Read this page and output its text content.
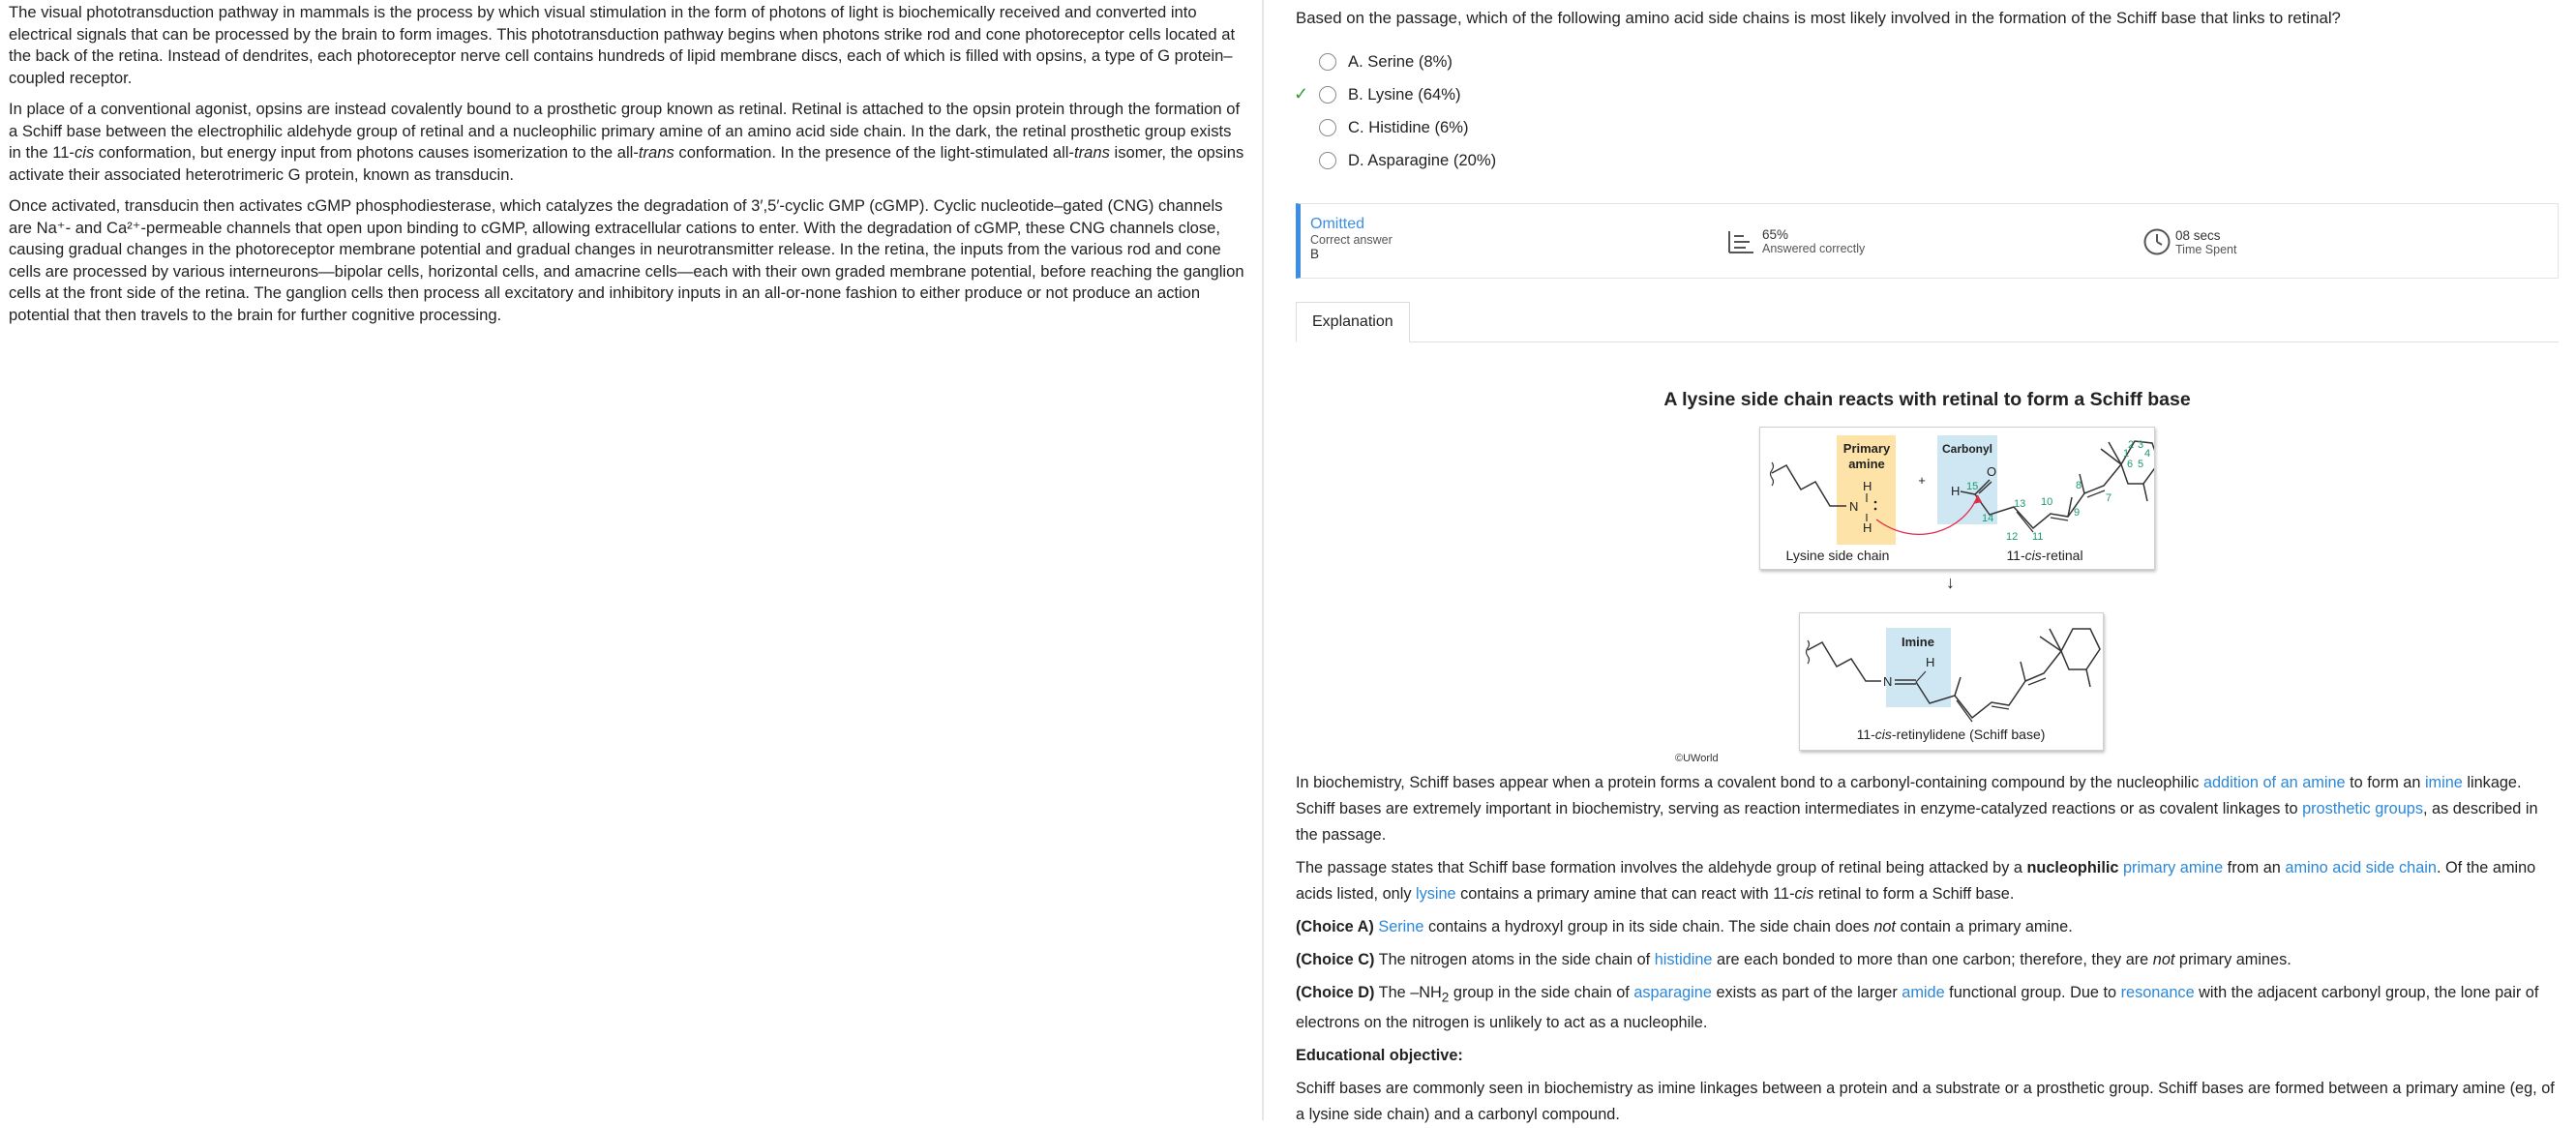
The visual phototransduction pathway in mammals is the process by which visual stimulation in the form of photons of light is biochemically received and converted into electrical signals that can be processed by the brain to form images. This phototransduction pathway begins when photons strike rod and cone photoreceptor cells located at the back of the retina. Instead of dendrites, each photoreceptor nerve cell contains hundreds of lipid membrane discs, each of which is filled with opsins, a type of G protein–coupled receptor.

In place of a conventional agonist, opsins are instead covalently bound to a prosthetic group known as retinal. Retinal is attached to the opsin protein through the formation of a Schiff base between the electrophilic aldehyde group of retinal and a nucleophilic primary amine of an amino acid side chain. In the dark, the retinal prosthetic group exists in the 11-cis conformation, but energy input from photons causes isomerization to the all-trans conformation. In the presence of the light-stimulated all-trans isomer, the opsins activate their associated heterotrimeric G protein, known as transducin.

Once activated, transducin then activates cGMP phosphodiesterase, which catalyzes the degradation of 3′,5′-cyclic GMP (cGMP). Cyclic nucleotide–gated (CNG) channels are Na⁺- and Ca²⁺-permeable channels that open upon binding to cGMP, allowing extracellular cations to enter. With the degradation of cGMP, these CNG channels close, causing gradual changes in the photoreceptor membrane potential and gradual changes in neurotransmitter release. In the retina, the inputs from the various rod and cone cells are processed by various interneurons—bipolar cells, horizontal cells, and amacrine cells—each with their own graded membrane potential, before reaching the ganglion cells at the front side of the retina. The ganglion cells then process all excitatory and inhibitory inputs in an all-or-none fashion to either produce or not produce an action potential that then travels to the brain for further cognitive processing.

Based on the passage, which of the following amino acid side chains is most likely involved in the formation of the Schiff base that links to retinal?
A. Serine (8%)
✓ B. Lysine (64%)
C. Histidine (6%)
D. Asparagine (20%)
Omitted
Correct answer
B
65%
Answered correctly
08 secs
Time Spent
Explanation
A lysine side chain reacts with retinal to form a Schiff base
Primary
amine
Carbonyl
N
H
H
+
H
O
15
14
13
12 11
10
9
8
7
6 5
4
3
2
1
Lysine side chain	11-cis-retinal
↓
Imine
N
H
11-cis-retinylidene (Schiff base)
©UWorld

In biochemistry, Schiff bases appear when a protein forms a covalent bond to a carbonyl-containing compound by the nucleophilic addition of an amine to form an imine linkage. Schiff bases are extremely important in biochemistry, serving as reaction intermediates in enzyme-catalyzed reactions or as covalent linkages to prosthetic groups, as described in the passage.

The passage states that Schiff base formation involves the aldehyde group of retinal being attacked by a nucleophilic primary amine from an amino acid side chain. Of the amino acids listed, only lysine contains a primary amine that can react with 11-cis retinal to form a Schiff base.

(Choice A) Serine contains a hydroxyl group in its side chain. The side chain does not contain a primary amine.

(Choice C) The nitrogen atoms in the side chain of histidine are each bonded to more than one carbon; therefore, they are not primary amines.

(Choice D) The $-NH_2$ group in the side chain of asparagine exists as part of the larger amide functional group. Due to resonance with the adjacent carbonyl group, the lone pair of electrons on the nitrogen is unlikely to act as a nucleophile.

Educational objective:

Schiff bases are commonly seen in biochemistry as imine linkages between a protein and a substrate or a prosthetic group. Schiff bases are formed between a primary amine (eg, of a lysine side chain) and a carbonyl compound.
